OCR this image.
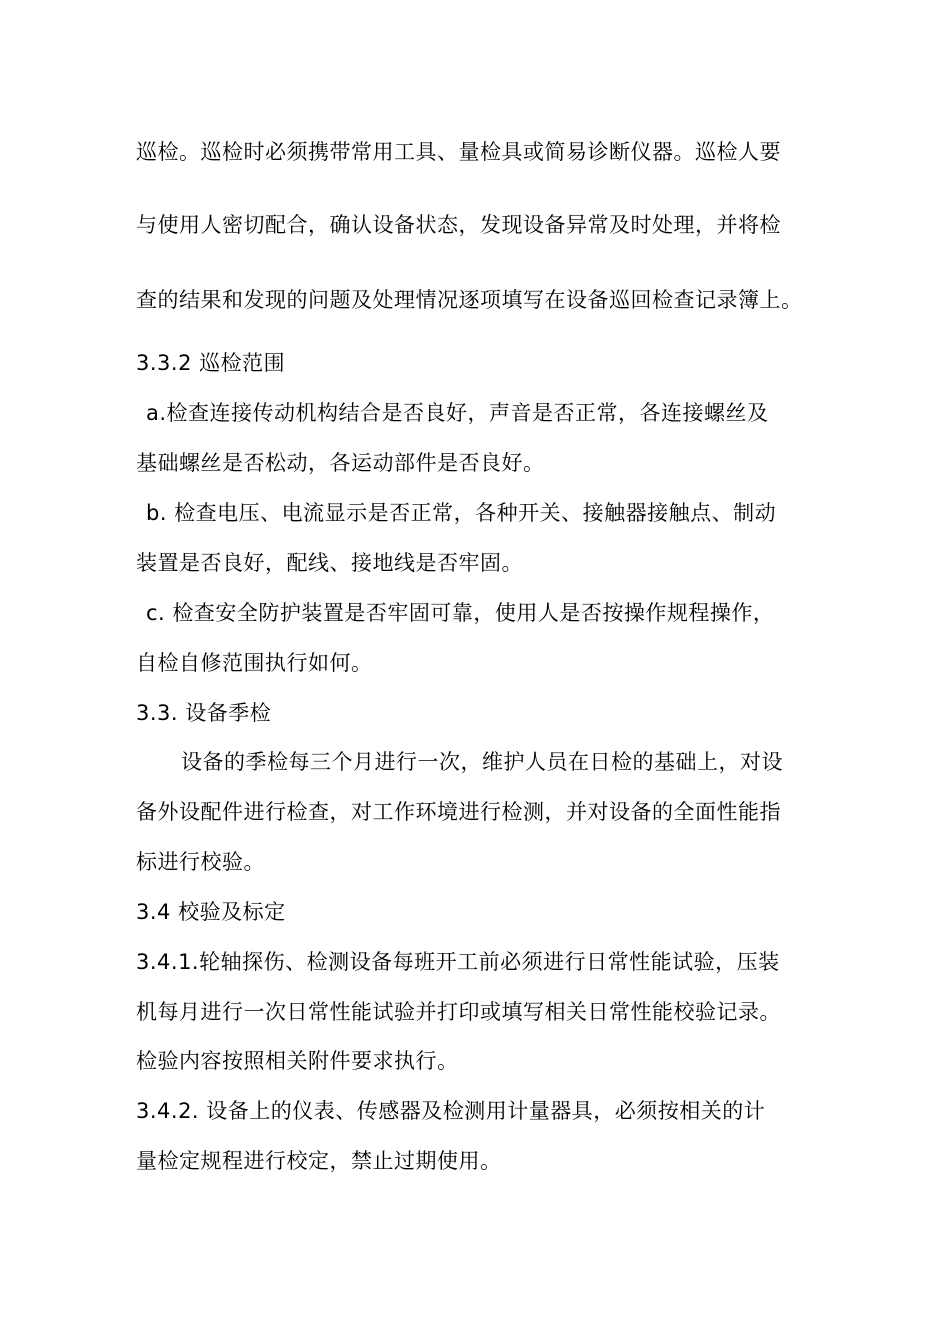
巡检。巡检时必须携带常用工具、量检具或简易诊断仪器。巡检人要
与使用人密切配合，确认设备状态，发现设备异常及时处理，并将检
查的结果和发现的问题及处理情况逐项填写在设备巡回检查记录簿上。
3.3.2 巡检范围
a.检查连接传动机构结合是否良好，声音是否正常，各连接螺丝及
基础螺丝是否松动，各运动部件是否良好。
b. 检查电压、电流显示是否正常，各种开关、接触器接触点、制动
装置是否良好，配线、接地线是否牢固。
c. 检查安全防护装置是否牢固可靠，使用人是否按操作规程操作，
自检自修范围执行如何。
3.3. 设备季检
设备的季检每三个月进行一次，维护人员在日检的基础上，对设
备外设配件进行检查，对工作环境进行检测，并对设备的全面性能指
标进行校验。
3.4 校验及标定
3.4.1.轮轴探伤、检测设备每班开工前必须进行日常性能试验，压装
机每月进行一次日常性能试验并打印或填写相关日常性能校验记录。
检验内容按照相关附件要求执行。
3.4.2. 设备上的仪表、传感器及检测用计量器具，必须按相关的计
量检定规程进行校定，禁止过期使用。
